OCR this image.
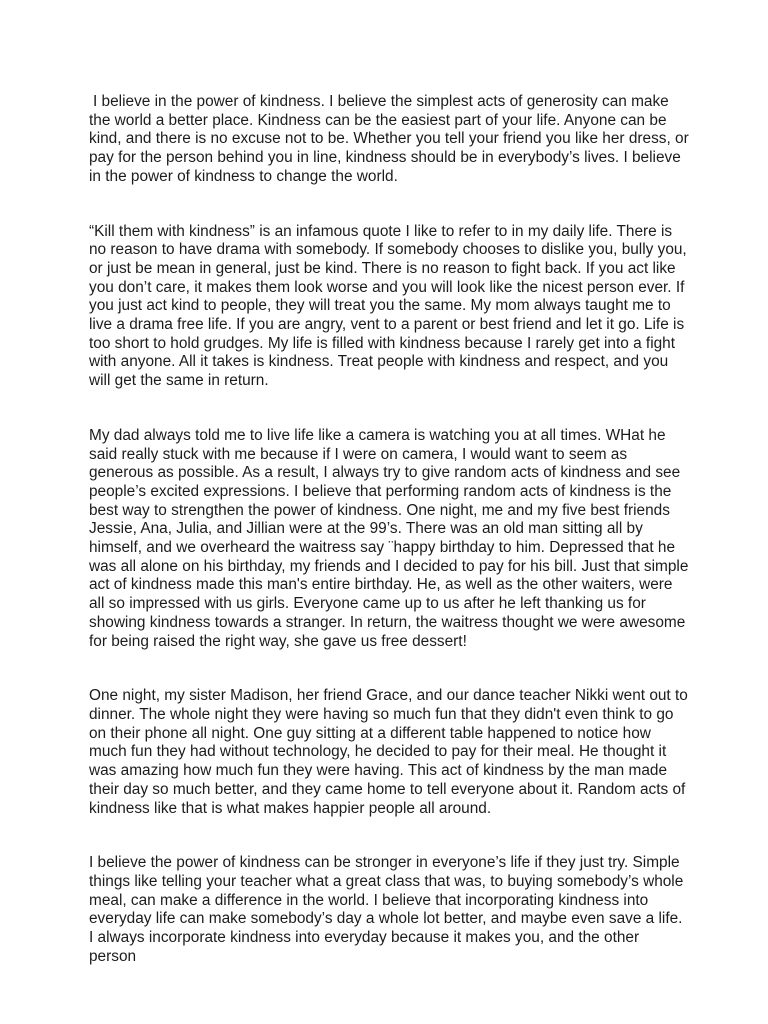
I believe in the power of kindness. I believe the simplest acts of generosity can make the world a better place. Kindness can be the easiest part of your life. Anyone can be kind, and there is no excuse not to be. Whether you tell your friend you like her dress, or pay for the person behind you in line, kindness should be in everybody’s lives. I believe in the power of kindness to change the world.

“Kill them with kindness” is an infamous quote I like to refer to in my daily life. There is no reason to have drama with somebody. If somebody chooses to dislike you, bully you, or just be mean in general, just be kind. There is no reason to fight back. If you act like you don’t care, it makes them look worse and you will look like the nicest person ever. If you just act kind to people, they will treat you the same. My mom always taught me to live a drama free life. If you are angry, vent to a parent or best friend and let it go. Life is too short to hold grudges. My life is filled with kindness because I rarely get into a fight with anyone. All it takes is kindness. Treat people with kindness and respect, and you will get the same in return.

My dad always told me to live life like a camera is watching you at all times. WHat he said really stuck with me because if I were on camera, I would want to seem as generous as possible. As a result, I always try to give random acts of kindness and see people’s excited expressions. I believe that performing random acts of kindness is the best way to strengthen the power of kindness. One night, me and my five best friends Jessie, Ana, Julia, and Jillian were at the 99’s. There was an old man sitting all by himself, and we overheard the waitress say ¨happy birthday to him. Depressed that he was all alone on his birthday, my friends and I decided to pay for his bill. Just that simple act of kindness made this man's entire birthday. He, as well as the other waiters, were all so impressed with us girls. Everyone came up to us after he left thanking us for showing kindness towards a stranger. In return, the waitress thought we were awesome for being raised the right way, she gave us free dessert!

One night, my sister Madison, her friend Grace, and our dance teacher Nikki went out to dinner. The whole night they were having so much fun that they didn't even think to go on their phone all night. One guy sitting at a different table happened to notice how much fun they had without technology, he decided to pay for their meal. He thought it was amazing how much fun they were having. This act of kindness by the man made their day so much better, and they came home to tell everyone about it. Random acts of kindness like that is what makes happier people all around.

I believe the power of kindness can be stronger in everyone’s life if they just try. Simple things like telling your teacher what a great class that was, to buying somebody’s whole meal, can make a difference in the world. I believe that incorporating kindness into everyday life can make somebody’s day a whole lot better, and maybe even save a life. I always incorporate kindness into everyday because it makes you, and the other person
